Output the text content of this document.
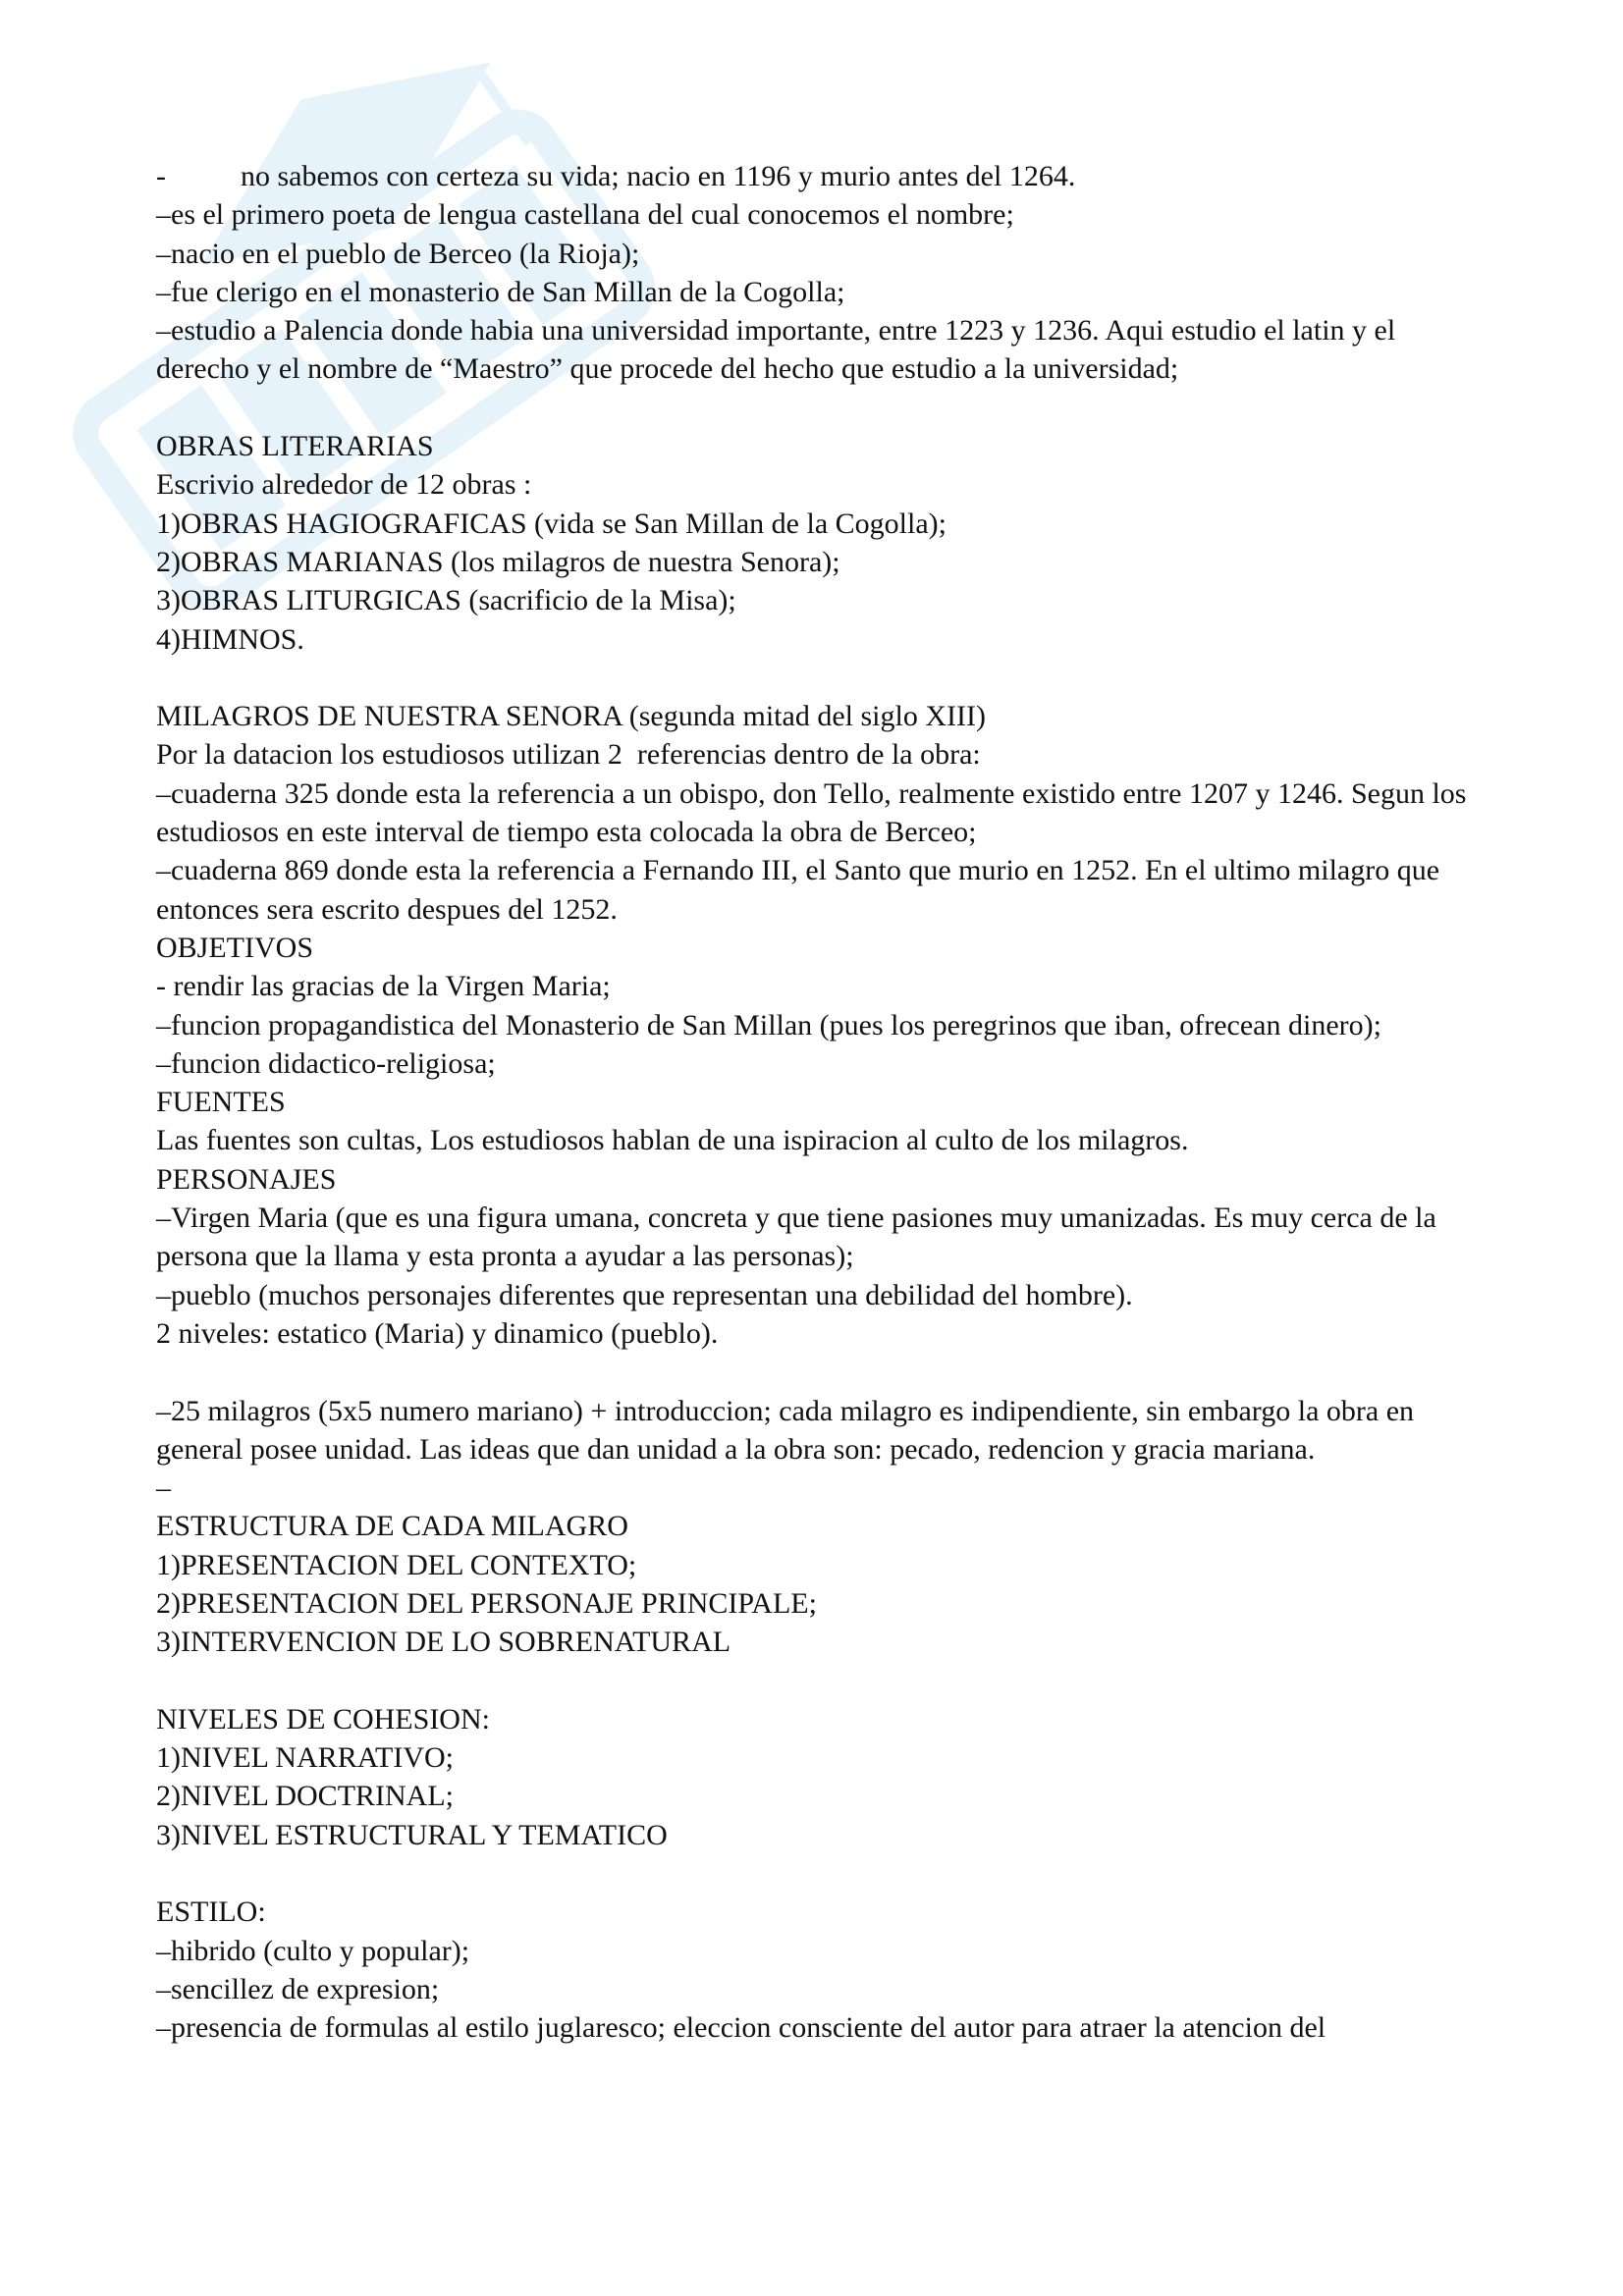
-	no sabemos con certeza su vida; nacio en 1196 y murio antes del 1264.
–es el primero poeta de lengua castellana del cual conocemos el nombre;
–nacio en el pueblo de Berceo (la Rioja);
–fue clerigo en el monasterio de San Millan de la Cogolla;
–estudio a Palencia donde habia una universidad importante, entre 1223 y 1236. Aqui estudio el latin y el derecho y el nombre de “Maestro” que procede del hecho que estudio a la universidad;
OBRAS LITERARIAS
Escrivio alrededor de 12 obras :
1)OBRAS HAGIOGRAFICAS (vida se San Millan de la Cogolla);
2)OBRAS MARIANAS (los milagros de nuestra Senora);
3)OBRAS LITURGICAS (sacrificio de la Misa);
4)HIMNOS.
MILAGROS DE NUESTRA SENORA (segunda mitad del siglo XIII)
Por la datacion los estudiosos utilizan 2  referencias dentro de la obra:
–cuaderna 325 donde esta la referencia a un obispo, don Tello, realmente existido entre 1207 y 1246. Segun los estudiosos en este interval de tiempo esta colocada la obra de Berceo;
–cuaderna 869 donde esta la referencia a Fernando III, el Santo que murio en 1252. En el ultimo milagro que entonces sera escrito despues del 1252.
OBJETIVOS
- rendir las gracias de la Virgen Maria;
–funcion propagandistica del Monasterio de San Millan (pues los peregrinos que iban, ofrecean dinero);
–funcion didactico-religiosa;
FUENTES
Las fuentes son cultas, Los estudiosos hablan de una ispiracion al culto de los milagros.
PERSONAJES
–Virgen Maria (que es una figura umana, concreta y que tiene pasiones muy umanizadas. Es muy cerca de la persona que la llama y esta pronta a ayudar a las personas);
–pueblo (muchos personajes diferentes que representan una debilidad del hombre).
2 niveles: estatico (Maria) y dinamico (pueblo).
–25 milagros (5x5 numero mariano) + introduccion; cada milagro es indipendiente, sin embargo la obra en general posee unidad. Las ideas que dan unidad a la obra son: pecado, redencion y gracia mariana.
–
ESTRUCTURA DE CADA MILAGRO
1)PRESENTACION DEL CONTEXTO;
2)PRESENTACION DEL PERSONAJE PRINCIPALE;
3)INTERVENCION DE LO SOBRENATURAL
NIVELES DE COHESION:
1)NIVEL NARRATIVO;
2)NIVEL DOCTRINAL;
3)NIVEL ESTRUCTURAL Y TEMATICO
ESTILO:
–hibrido (culto y popular);
–sencillez de expresion;
–presencia de formulas al estilo juglaresco; eleccion consciente del autor para atraer la atencion del
